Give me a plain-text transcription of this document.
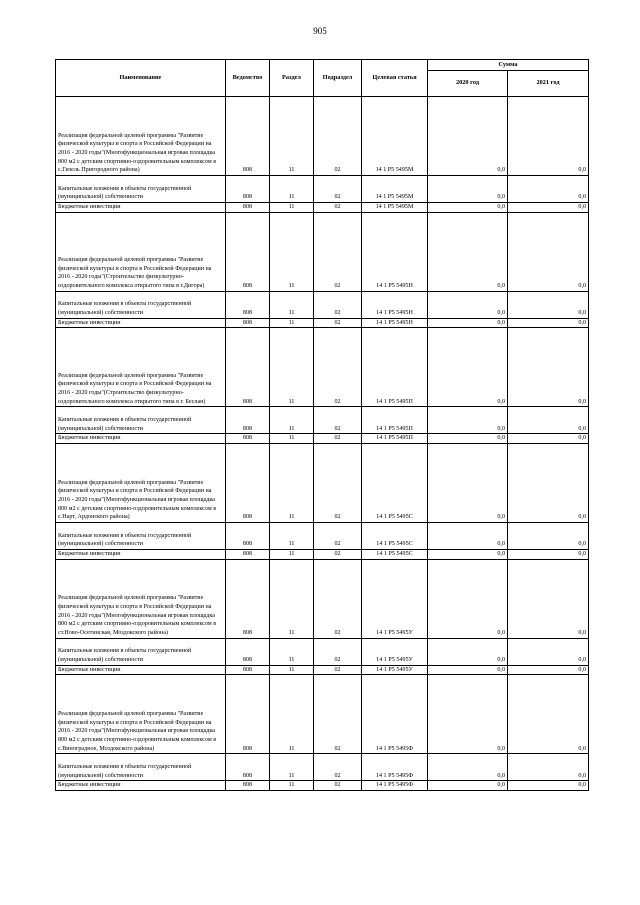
905
Наименование	Ведомство	Раздел	Подраздел	Целевая статья	Сумма	
					2020 год	2021 год
Реализация федеральной целевой программы "Развитие физической культуры и спорта в Российской Федерации на 2016 - 2020 годы"(Многофункциональная игровая площадка 800 м2 с детским спортивно-оздоровительным комплексом в с.Гизель Пригородного района)	808	11	02	14 1 Р5 5495М	0,0	0,0
Капитальные вложения в объекты государственной (муниципальной) собственности	808	11	02	14 1 Р5 5495М	0,0	0,0
Бюджетные инвестиции	808	11	02	14 1 Р5 5495М	0,0	0,0
Реализация федеральной целевой программы "Развитие физической культуры и спорта в Российской Федерации на 2016 - 2020 годы"(Строительство физкультурно-оздоровительного комплекса открытого типа в г.Дигора)	808	11	02	14 1 Р5 5495Н	0,0	0,0
Капитальные вложения в объекты государственной (муниципальной) собственности	808	11	02	14 1 Р5 5495Н	0,0	0,0
Бюджетные инвестиции	808	11	02	14 1 Р5 5495Н	0,0	0,0
Реализация федеральной целевой программы "Развитие физической культуры и спорта в Российской Федерации на 2016 - 2020 годы"(Строительство физкультурно-оздоровительного комплекса открытого типа в г. Беслан)	808	11	02	14 1 Р5 5495П	0,0	0,0
Капитальные вложения в объекты государственной (муниципальной) собственности	808	11	02	14 1 Р5 5495П	0,0	0,0
Бюджетные инвестиции	808	11	02	14 1 Р5 5495П	0,0	0,0
Реализация федеральной целевой программы "Развитие физической культуры и спорта в Российской Федерации на 2016 - 2020 годы"(Многофункциональная игровая площадка 800 м2 с детским спортивно-оздоровительным комплексом в с.Нарт, Ардонского района)	808	11	02	14 1 Р5 5495С	0,0	0,0
Капитальные вложения в объекты государственной (муниципальной) собственности	808	11	02	14 1 Р5 5495С	0,0	0,0
Бюджетные инвестиции	808	11	02	14 1 Р5 5495С	0,0	0,0
Реализация федеральной целевой программы "Развитие физической культуры и спорта в Российской Федерации на 2016 - 2020 годы"(Многофункциональная игровая площадка 800 м2 с детским спортивно-оздоровительным комплексом в ст.Ново-Осетинская, Моздокского района)	808	11	02	14 1 Р5 5495У	0,0	0,0
Капитальные вложения в объекты государственной (муниципальной) собственности	808	11	02	14 1 Р5 5495У	0,0	0,0
Бюджетные инвестиции	808	11	02	14 1 Р5 5495У	0,0	0,0
Реализация федеральной целевой программы "Развитие физической культуры и спорта в Российской Федерации на 2016 - 2020 годы"(Многофункциональная игровая площадка 800 м2 с детским спортивно-оздоровительным комплексом в с.Виноградное, Моздокского района)	808	11	02	14 1 Р5 5495Ф	0,0	0,0
Капитальные вложения в объекты государственной (муниципальной) собственности	808	11	02	14 1 Р5 5495Ф	0,0	0,0
Бюджетные инвестиции	808	11	02	14 1 Р5 5495Ф	0,0	0,0
